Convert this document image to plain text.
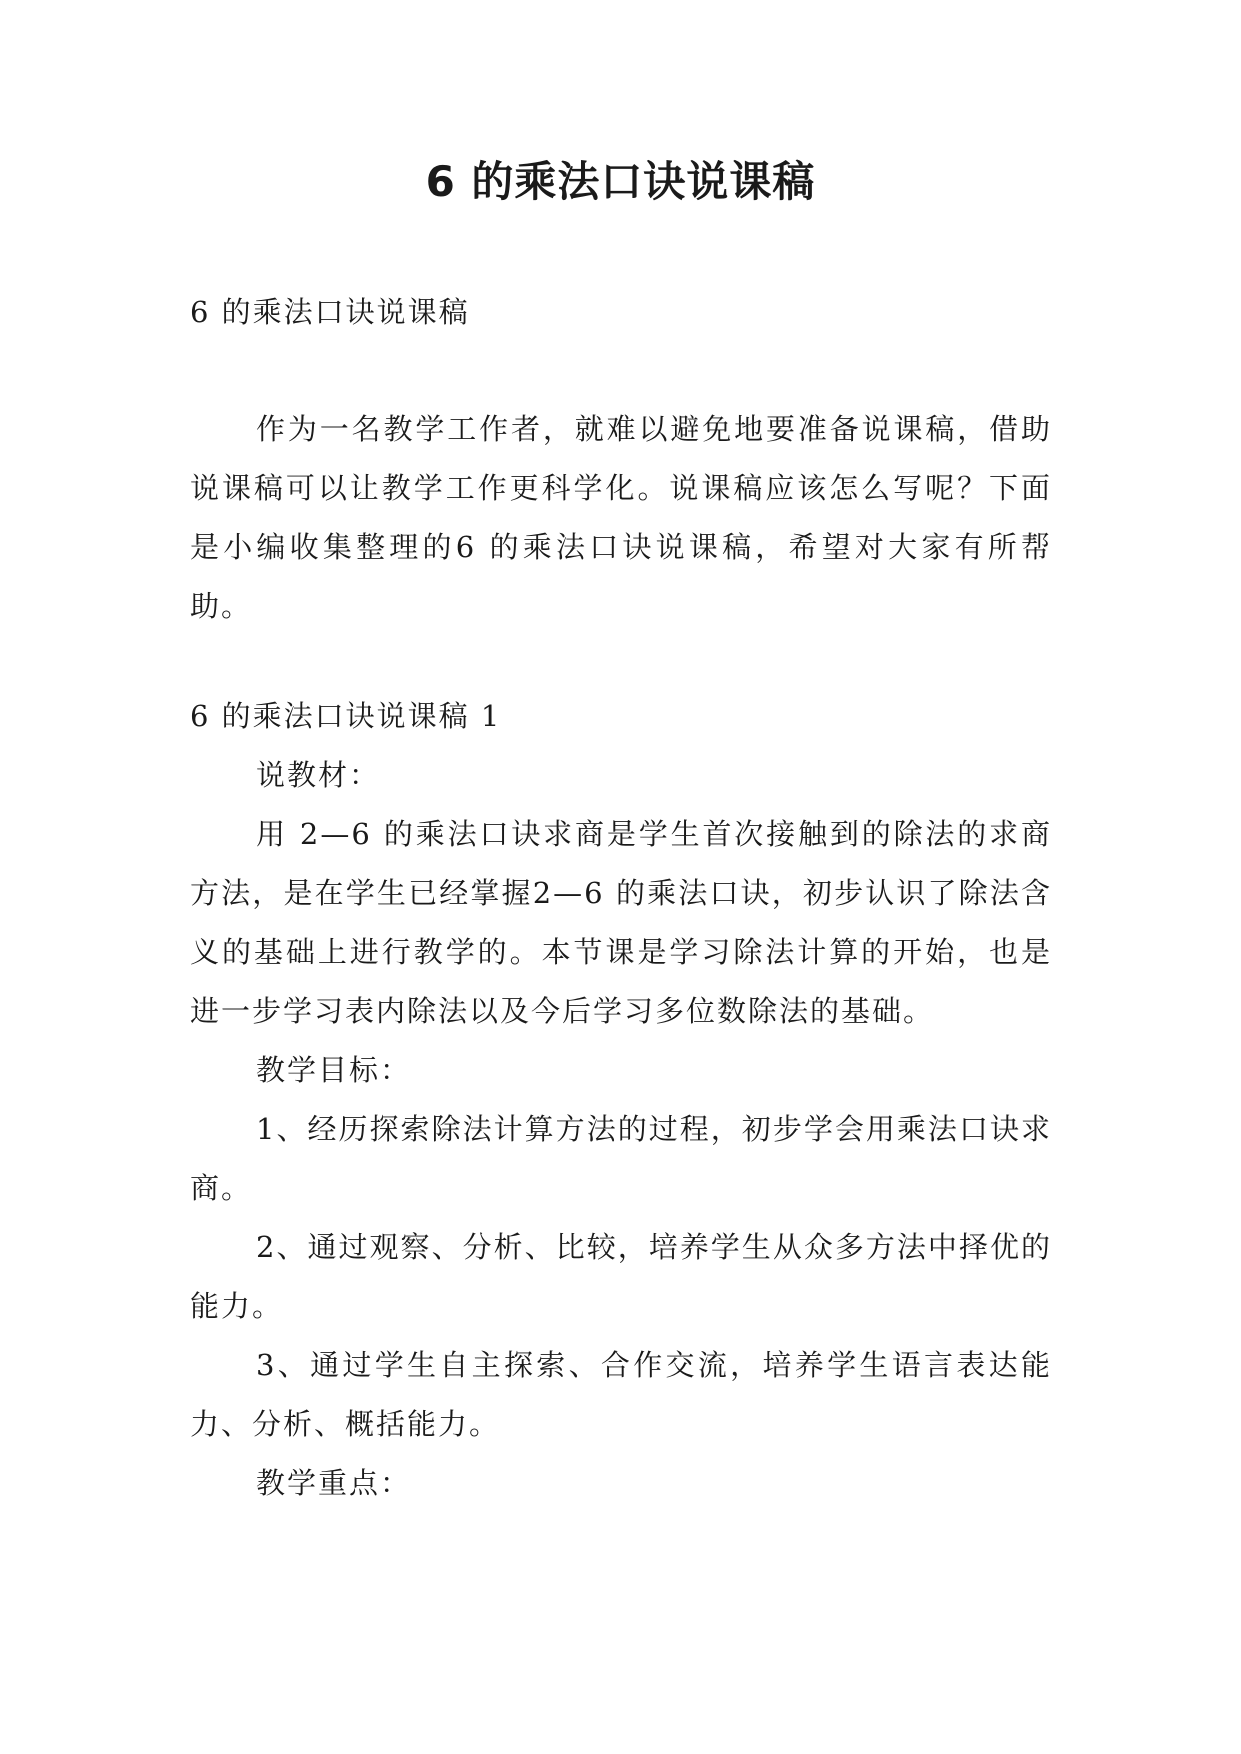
6 的乘法口诀说课稿

6 的乘法口诀说课稿

作为一名教学工作者，就难以避免地要准备说课稿，借助说课稿可以让教学工作更科学化。说课稿应该怎么写呢？下面是小编收集整理的6 的乘法口诀说课稿，希望对大家有所帮助。

6 的乘法口诀说课稿 1

说教材：

用 2—6 的乘法口诀求商是学生首次接触到的除法的求商方法，是在学生已经掌握2—6 的乘法口诀，初步认识了除法含义的基础上进行教学的。本节课是学习除法计算的开始，也是进一步学习表内除法以及今后学习多位数除法的基础。

教学目标：

1、经历探索除法计算方法的过程，初步学会用乘法口诀求商。

2、通过观察、分析、比较，培养学生从众多方法中择优的能力。

3、通过学生自主探索、合作交流，培养学生语言表达能力、分析、概括能力。

教学重点：
